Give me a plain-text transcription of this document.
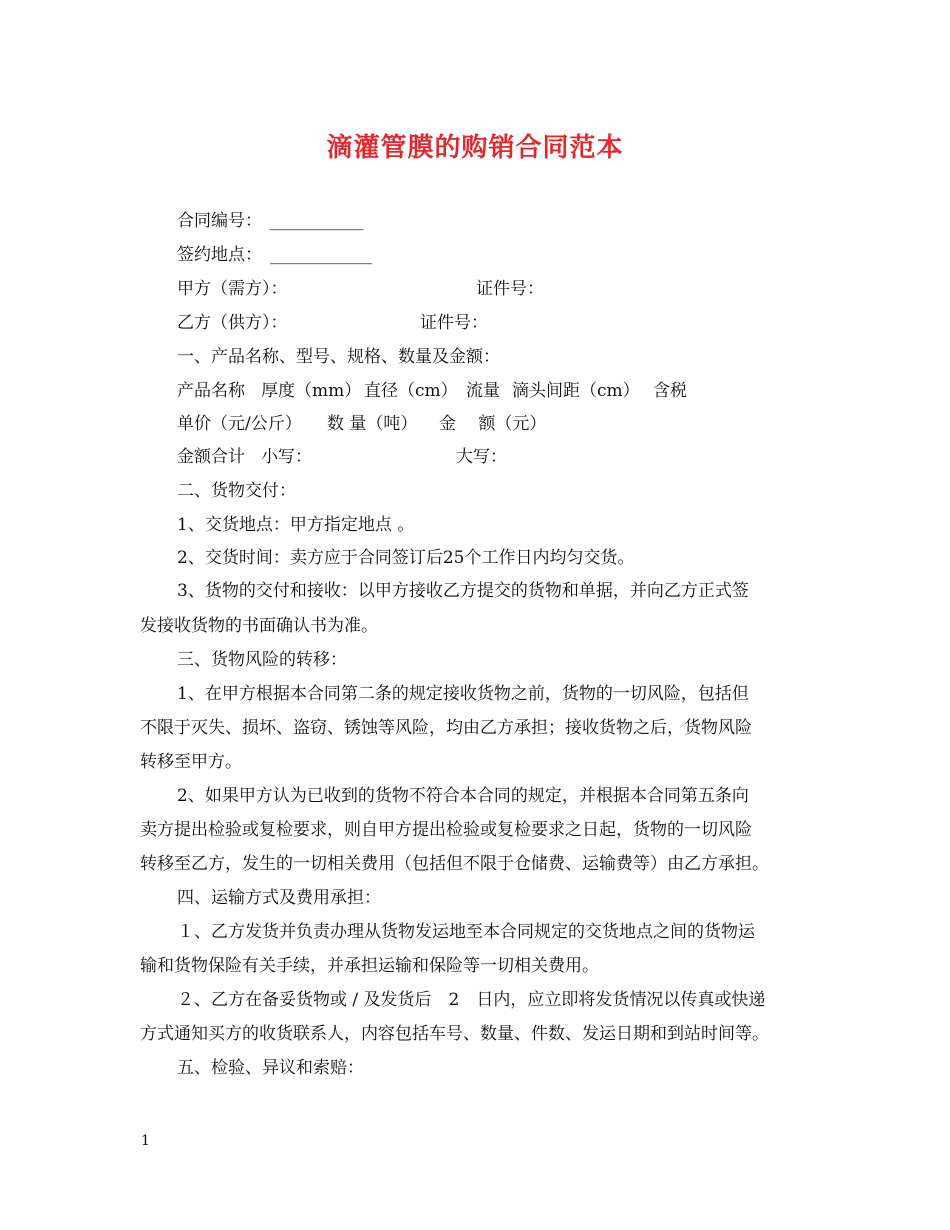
滴灌管膜的购销合同范本
合同编号： ___________
签约地点： ____________
甲方（需方）：	证件号：
乙方（供方）：	证件号：
一、产品名称、型号、规格、数量及金额：
产品名称 厚度（mm） 直径（cm） 流量 滴头间距（cm） 含税
单价（元/公斤） 数 量（吨） 金　 额（元）
金额合计 小写：	大写：
二、货物交付：
1、交货地点：甲方指定地点 。
2、交货时间：卖方应于合同签订后25个工作日内均匀交货。
3、货物的交付和接收：以甲方接收乙方提交的货物和单据，并向乙方正式签
发接收货物的书面确认书为准。
三、货物风险的转移：
1、在甲方根据本合同第二条的规定接收货物之前，货物的一切风险，包括但
不限于灭失、损坏、盗窃、锈蚀等风险，均由乙方承担；接收货物之后，货物风险
转移至甲方。
2、如果甲方认为已收到的货物不符合本合同的规定，并根据本合同第五条向
卖方提出检验或复检要求，则自甲方提出检验或复检要求之日起，货物的一切风险
转移至乙方，发生的一切相关费用（包括但不限于仓储费、运输费等）由乙方承担。
四、运输方式及费用承担：
１、乙方发货并负责办理从货物发运地至本合同规定的交货地点之间的货物运
输和货物保险有关手续，并承担运输和保险等一切相关费用。
２、乙方在备妥货物或 / 及发货后　2　日内，应立即将发货情况以传真或快递
方式通知买方的收货联系人，内容包括车号、数量、件数、发运日期和到站时间等。
五、检验、异议和索赔：
1
